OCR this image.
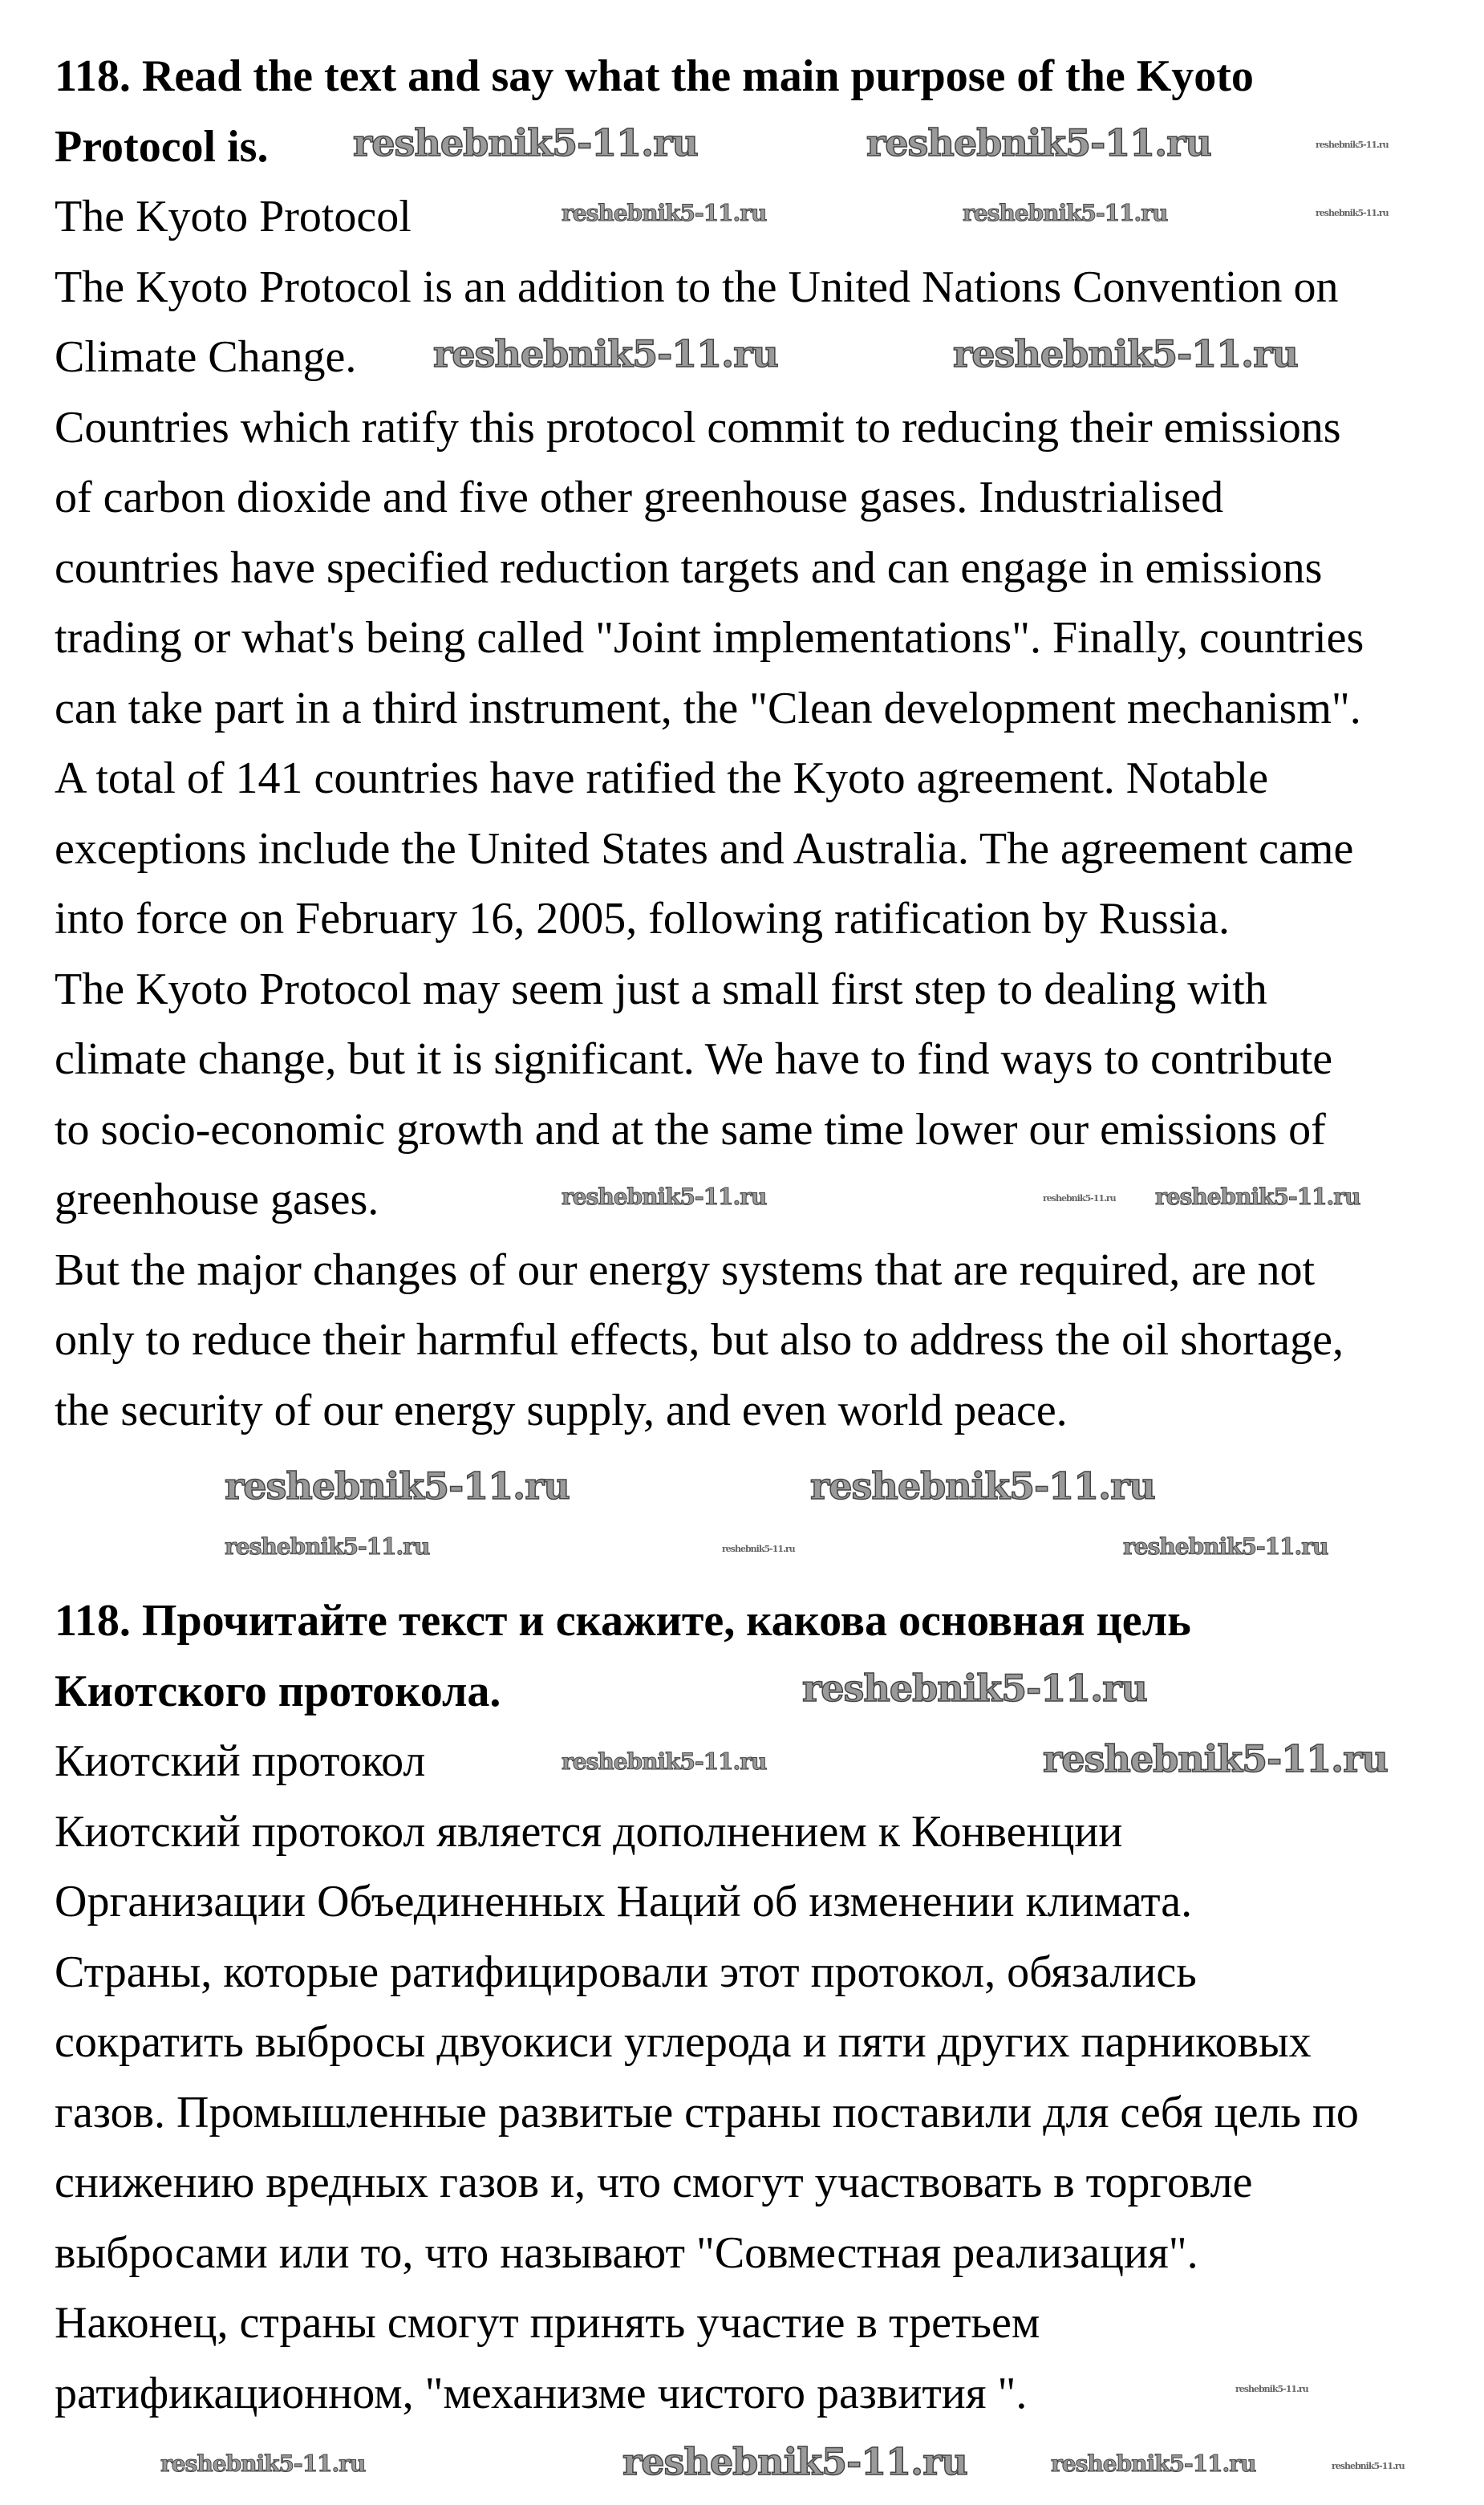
118. Read the text and say what the main purpose of the Kyoto
Protocol is.
The Kyoto Protocol
The Kyoto Protocol is an addition to the United Nations Convention on
Climate Change.
Countries which ratify this protocol commit to reducing their emissions
of carbon dioxide and five other greenhouse gases. Industrialised
countries have specified reduction targets and can engage in emissions
trading or what's being called "Joint implementations". Finally, countries
can take part in a third instrument, the "Clean development mechanism".
A total of 141 countries have ratified the Kyoto agreement. Notable
exceptions include the United States and Australia. The agreement came
into force on February 16, 2005, following ratification by Russia.
The Kyoto Protocol may seem just a small first step to dealing with
climate change, but it is significant. We have to find ways to contribute
to socio-economic growth and at the same time lower our emissions of
greenhouse gases.
But the major changes of our energy systems that are required, are not
only to reduce their harmful effects, but also to address the oil shortage,
the security of our energy supply, and even world peace.
118. Прочитайте текст и скажите, какова основная цель
Киотского протокола.
Киотский протокол
Киотский протокол является дополнением к Конвенции
Организации Объединенных Наций об изменении климата.
Страны, которые ратифицировали этот протокол, обязались
сократить выбросы двуокиси углерода и пяти других парниковых
газов. Промышленные развитые страны поставили для себя цель по
снижению вредных газов и, что смогут участвовать в торговле
выбросами или то, что называют "Совместная реализация".
Наконец, страны смогут принять участие в третьем
ратификационном, "механизме чистого развития ".
reshebnik5-11.ru	reshebnik5-11.ru	reshebnik5-11.ru
reshebnik5-11.ru	reshebnik5-11.ru	reshebnik5-11.ru
reshebnik5-11.ru	reshebnik5-11.ru
reshebnik5-11.ru	reshebnik5-11.ru reshebnik5-11.ru
reshebnik5-11.ru
reshebnik5-11.ru
reshebnik5-11.ru	reshebnik5-11.ru
reshebnik5-11.ru
reshebnik5-11.ru
reshebnik5-11.ru	reshebnik5-11.ru
reshebnik5-11.ru
reshebnik5-11.ru
reshebnik5-11.ru	reshebnik5-11.ru	reshebnik5-11.ru
